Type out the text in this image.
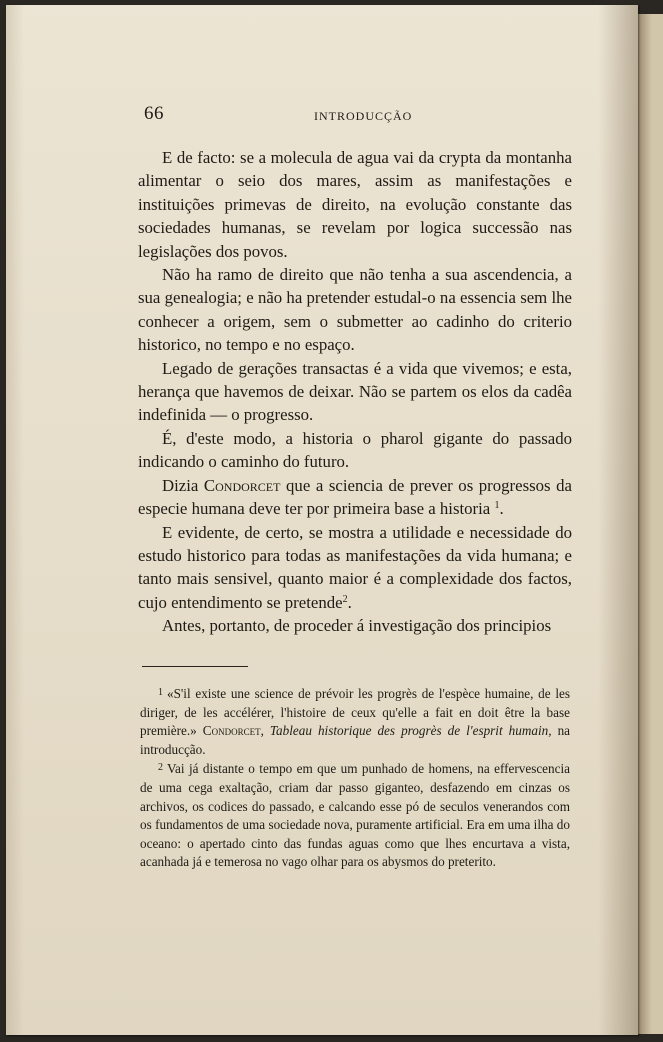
66	INTRODUCÇÃO

E de facto: se a molecula de agua vai da crypta da montanha alimentar o seio dos mares, assim as manifestações e instituições primevas de direito, na evolução constante das sociedades humanas, se revelam por logica successão nas legislações dos povos.

Não ha ramo de direito que não tenha a sua ascendencia, a sua genealogia; e não ha pretender estudal-o na essencia sem lhe conhecer a origem, sem o submetter ao cadinho do criterio historico, no tempo e no espaço.

Legado de gerações transactas é a vida que vivemos; e esta, herança que havemos de deixar. Não se partem os elos da cadêa indefinida — o progresso.

É, d'este modo, a historia o pharol gigante do passado indicando o caminho do futuro.

Dizia Condorcet que a sciencia de prever os progressos da especie humana deve ter por primeira base a historia $^1$.

E evidente, de certo, se mostra a utilidade e necessidade do estudo historico para todas as manifestações da vida humana; e tanto mais sensivel, quanto maior é a complexidade dos factos, cujo entendimento se pretende$^2$.

Antes, portanto, de proceder á investigação dos principios

$^1$ «S'il existe une science de prévoir les progrès de l'espèce humaine, de les diriger, de les accélérer, l'histoire de ceux qu'elle a fait en doit être la base première.» Condorcet, Tableau historique des progrès de l'esprit humain, na introducção.

$^2$ Vai já distante o tempo em que um punhado de homens, na effervescencia de uma cega exaltação, criam dar passo giganteo, desfazendo em cinzas os archivos, os codices do passado, e calcando esse pó de seculos venerandos com os fundamentos de uma sociedade nova, puramente artificial. Era em uma ilha do oceano: o apertado cinto das fundas aguas como que lhes encurtava a vista, acanhada já e temerosa no vago olhar para os abysmos do preterito.
